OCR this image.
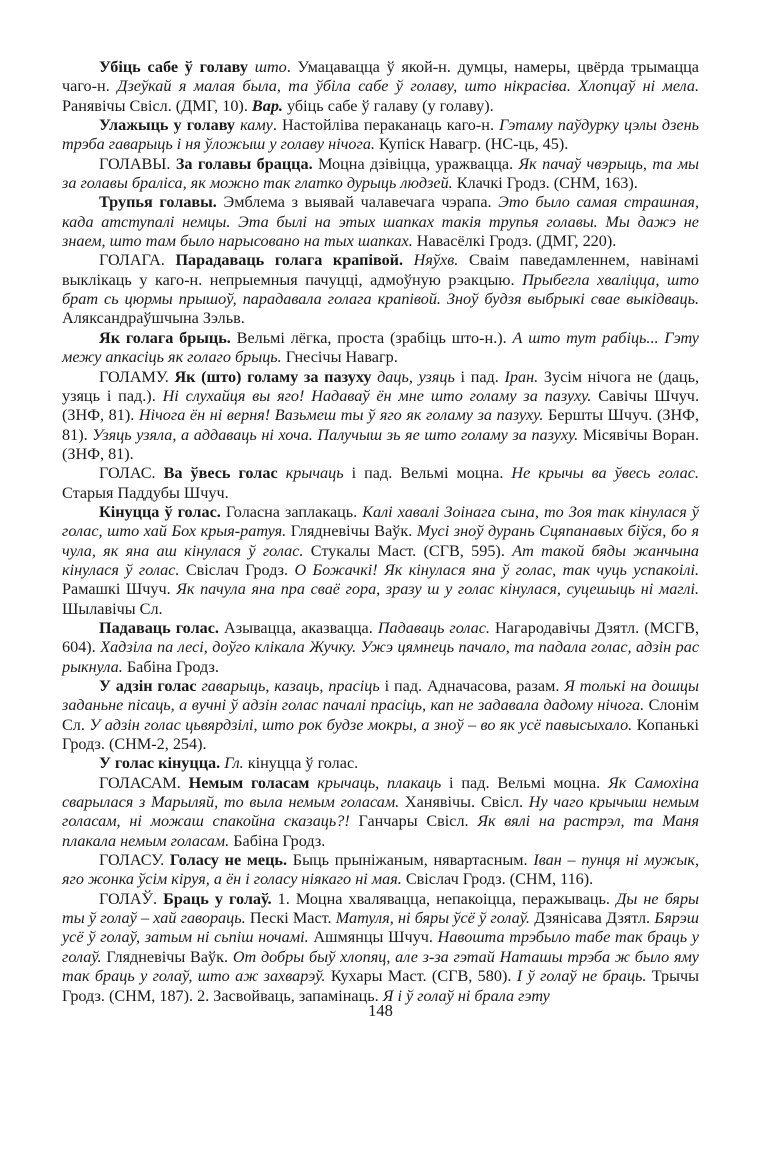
Убіць сабе ў голаву што. Умацавацца ў якой-н. думцы, намеры, цвёрда трымацца чаго-н. Дзеўкай я малая была, та ўбіла сабе ў голаву, што нікрасіва. Хлопцаў ні мела. Ранявічы Свісл. (ДМГ, 10). Вар. убіць сабе ў галаву (у голаву).

Улажыць у голаву каму. Настойліва пераканаць каго-н. Гэтаму паўдурку цэлы дзень трэба гаварыць і ня ўложыш у голаву нічога. Купіск Навагр. (НС-ць, 45).

ГОЛАВЫ. За голавы брацца. Моцна дзівіцца, уражвацца. Як пачаў чвэрыць, та мы за голавы браліса, як можно так глатко дурыць людзей. Клачкі Гродз. (СНМ, 163).

Трупья голавы. Эмблема з выявай чалавечага чэрапа. Это было самая страшная, када атступалі немцы. Эта былі на этых шапках такія трупья голавы. Мы дажэ не знаем, што там было нарысовано на тых шапках. Навасёлкі Гродз. (ДМГ, 220).

ГОЛАГА. Парадаваць голага крапівой. Няўхв. Сваім паведамленнем, навінамі выклікаць у каго-н. непрыемныя пачуцці, адмоўную рэакцыю. Прыбегла хваліцца, што брат сь цюрмы прышоў, парадавала голага крапівой. Зноў будзя выбрыкі свае выкідваць. Аляксандраўшчына Зэльв.

Як голага брыць. Вельмі лёгка, проста (зрабіць што-н.). А што тут рабіць... Гэту межу апкасіць як голаго брыць. Гнесічы Навагр.

ГОЛАМУ. Як (што) голаму за пазуху даць, узяць і пад. Іран. Зусім нічога не (даць, узяць і пад.). Ні слухайця вы яго! Надаваў ён мне што голаму за пазуху. Савічы Шчуч. (ЗНФ, 81). Нічога ён ні верня! Вазьмеш ты ў яго як голаму за пазуху. Бершты Шчуч. (ЗНФ, 81). Узяць узяла, а аддаваць ні хоча. Палучыш зь яе што голаму за пазуху. Місявічы Воран. (ЗНФ, 81).

ГОЛАС. Ва ўвесь голас крычаць і пад. Вельмі моцна. Не крычы ва ўвесь голас. Старыя Паддубы Шчуч.

Кінуцца ў голас. Голасна заплакаць. Калі хавалі Зоінага сына, то Зоя так кінулася ў голас, што хай Бох крыя-ратуя. Глядневічы Ваўк. Мусі зноў дурань Сцяпанавых біўся, бо я чула, як яна аш кінулася ў голас. Стукалы Маст. (СГВ, 595). Ат такой бяды жанчына кінулася ў голас. Свіслач Гродз. О Божачкі! Як кінулася яна ў голас, так чуць успакоілі. Рамашкі Шчуч. Як пачула яна пра сваё гора, зразу ш у голас кінулася, суцешыць ні маглі. Шылавічы Сл.

Падаваць голас. Азывацца, аказвацца. Падаваць голас. Нагародавічы Дзятл. (МСГВ, 604). Хадзіла па лесі, доўго клікала Жучку. Ужэ цямнець пачало, та падала голас, адзін рас рыкнула. Бабіна Гродз.

У адзін голас гаварыць, казаць, прасіць і пад. Адначасова, разам. Я толькі на дошцы заданьне пісаць, а вучні ў адзін голас пачалі прасіць, кап не задавала дадому нічога. Слонім Сл. У адзін голас цьвярдзілі, што рок будзе мокры, а зноў – во як усё павысыхало. Копанькі Гродз. (СНМ-2, 254).

У голас кінуцца. Гл. кінуцца ў голас.

ГОЛАСАМ. Немым голасам крычаць, плакаць і пад. Вельмі моцна. Як Самохіна сварылася з Марыляй, то выла немым голасам. Ханявічы. Свісл. Ну чаго крычыш немым голасам, ні можаш спакойна сказаць?! Ганчары Свісл. Як вялі на растрэл, та Маня плакала немым голасам. Бабіна Гродз.

ГОЛАСУ. Голасу не мець. Быць прыніжаным, нявартасным. Іван – пунця ні мужык, яго жонка ўсім кіруя, а ён і голасу ніякаго ні мая. Свіслач Гродз. (СНМ, 116).

ГОЛАЎ. Браць у голаў. 1. Моцна хвалявацца, непакоіцца, перажываць. Ды не бяры ты ў голаў – хай гавораць. Пескі Маст. Матуля, ні бяры ўсё ў голаў. Дзянісава Дзятл. Бярэш усё ў голаў, затым ні сьпіш ночамі. Ашмянцы Шчуч. Навошта трэбыло табе так браць у голаў. Глядневічы Ваўк. От добры быў хлопяц, але з-за гэтай Наташы трэба ж было яму так браць у голаў, што аж захварэў. Кухары Маст. (СГВ, 580). І ў голаў не браць. Трычы Гродз. (СНМ, 187). 2. Засвойваць, запамінаць. Я і ў голаў ні брала гэту

148
